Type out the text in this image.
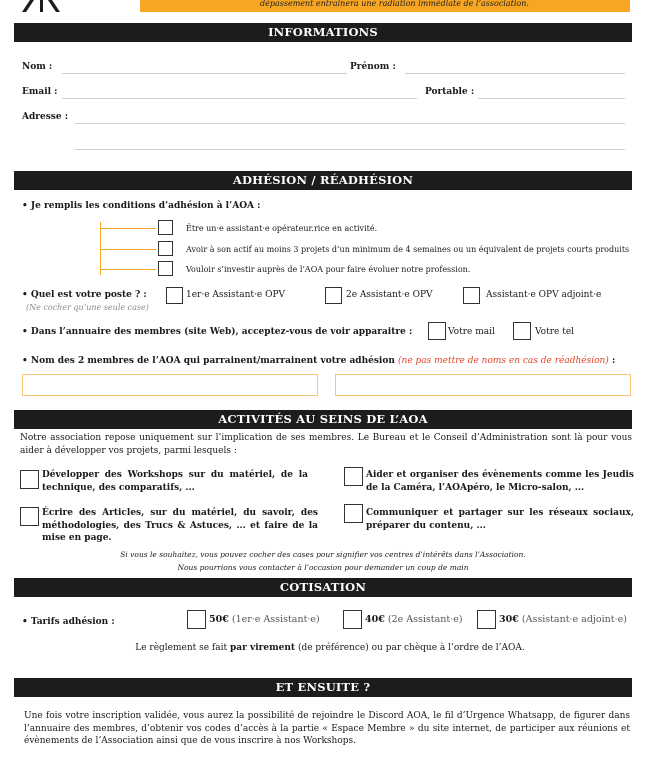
dépassement entrainera une radiation immédiate de l’association.
INFORMATIONS
Nom :	Prénom :
Email :	Portable :
Adresse :
ADHÉSION / RÉADHÉSION
• Je remplis les conditions d’adhésion à l’AOA :
Être un·e assistant·e opérateur.rice en activité.
Avoir à son actif au moins 3 projets d’un minimum de 4 semaines ou un équivalent de projets courts produits
Vouloir s’investir auprès de l’AOA pour faire évoluer notre profession.
• Quel est votre poste ? :
(Ne cocher qu’une seule case)
1er·e Assistant·e OPV	2e Assistant·e OPV	Assistant·e OPV adjoint·e
• Dans l’annuaire des membres (site Web), acceptez-vous de voir apparaitre :	Votre mail	Votre tel
• Nom des 2 membres de l’AOA qui parrainent/marrainent votre adhésion (ne pas mettre de noms en cas de réadhésion) :
ACTIVITÉS AU SEINS DE L’AOA
Notre association repose uniquement sur l’implication de ses membres. Le Bureau et le Conseil d’Administration sont là pour vous aider à développer vos projets, parmi lesquels :
Développer des Workshops sur du matériel, de la technique, des comparatifs, ...
Aider et organiser des évènements comme les Jeudis de la Caméra, l’AOApéro, le Micro-salon, ...
Écrire des Articles, sur du matériel, du savoir, des méthodologies, des Trucs & Astuces, ... et faire de la mise en page.
Communiquer et partager sur les réseaux sociaux, préparer du contenu, ...
Si vous le souhaitez, vous pouvez cocher des cases pour signifier vos centres d’intérêts dans l’Association.
Nous pourrions vous contacter à l’occasion pour demander un coup de main
COTISATION
• Tarifs adhésion :	50€ (1er·e Assistant·e)	40€ (2e Assistant·e)	30€ (Assistant·e adjoint·e)
Le règlement se fait par virement (de préférence) ou par chèque à l’ordre de l’AOA.
ET ENSUITE ?
Une fois votre inscription validée, vous aurez la possibilité de rejoindre le Discord AOA, le fil d’Urgence Whatsapp, de figurer dans l’annuaire des membres, d’obtenir vos codes d’accès à la partie « Espace Membre » du site internet, de participer aux réunions et évènements de l’Association ainsi que de vous inscrire à nos Workshops.
